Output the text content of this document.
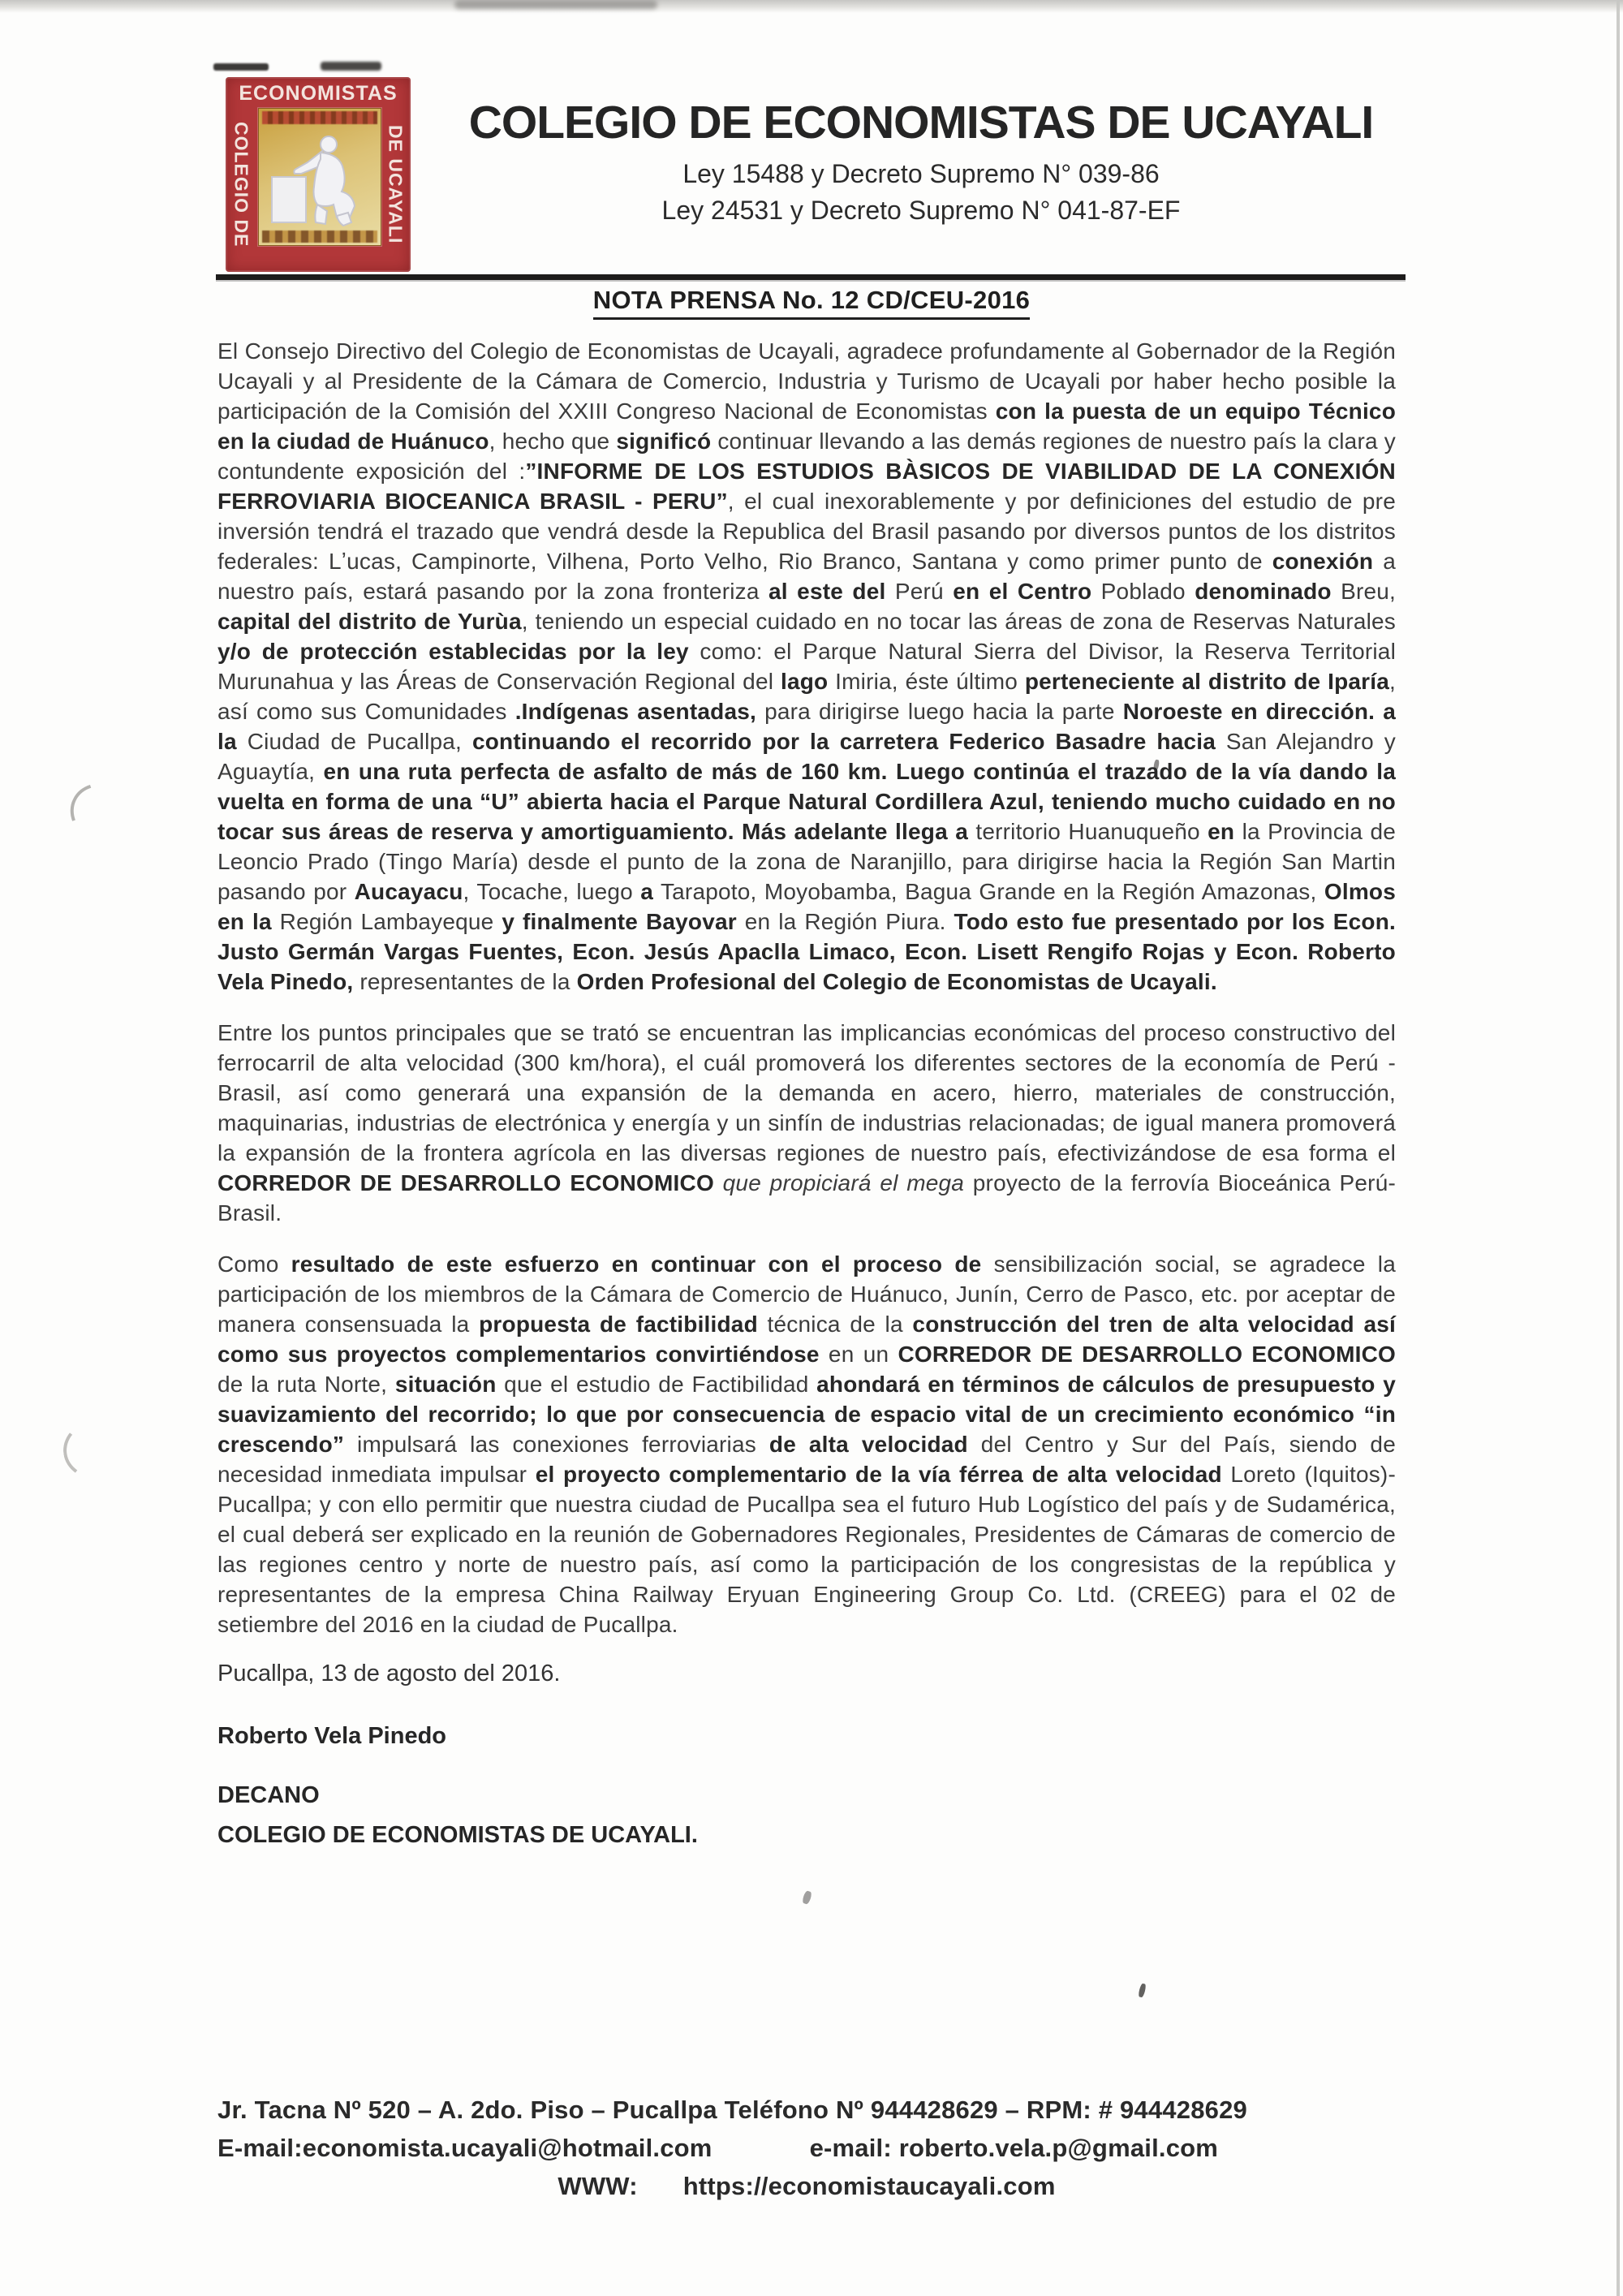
ECONOMISTAS
COLEGIO DE	DE UCAYALI
COLEGIO DE ECONOMISTAS DE UCAYALI
Ley 15488 y Decreto Supremo N° 039-86
Ley 24531 y Decreto Supremo N° 041-87-EF
NOTA PRENSA No. 12 CD/CEU-2016

El Consejo Directivo del Colegio de Economistas de Ucayali, agradece profundamente al Gobernador de la Región Ucayali y al Presidente de la Cámara de Comercio, Industria y Turismo de Ucayali por haber hecho posible la participación de la Comisión del XXIII Congreso Nacional de Economistas con la puesta de un equipo Técnico en la ciudad de Huánuco, hecho que significó continuar llevando a las demás regiones de nuestro país la clara y contundente exposición del :”INFORME DE LOS ESTUDIOS BÀSICOS DE VIABILIDAD DE LA CONEXIÓN FERROVIARIA BIOCEANICA BRASIL - PERU”, el cual inexorablemente y por definiciones del estudio de pre inversión tendrá el trazado que vendrá desde la Republica del Brasil pasando por diversos puntos de los distritos federales: Lʼucas, Campinorte, Vilhena, Porto Velho, Rio Branco, Santana y como primer punto de conexión a nuestro país, estará pasando por la zona fronteriza al este del Perú en el Centro Poblado denominado Breu, capital del distrito de Yurùa, teniendo un especial cuidado en no tocar las áreas de zona de Reservas Naturales y/o de protección establecidas por la ley como: el Parque Natural Sierra del Divisor, la Reserva Territorial Murunahua y las Áreas de Conservación Regional del lago Imiria, éste último perteneciente al distrito de Iparía, así como sus Comunidades .Indígenas asentadas, para dirigirse luego hacia la parte Noroeste en dirección. a la Ciudad de Pucallpa, continuando el recorrido por la carretera Federico Basadre hacia San Alejandro y Aguaytía, en una ruta perfecta de asfalto de más de 160 km. Luego continúa el trazado de la vía dando la vuelta en forma de una “U” abierta hacia el Parque Natural Cordillera Azul, teniendo mucho cuidado en no tocar sus áreas de reserva y amortiguamiento. Más adelante llega a territorio Huanuqueño en la Provincia de Leoncio Prado (Tingo María) desde el punto de la zona de Naranjillo, para dirigirse hacia la Región San Martin pasando por Aucayacu, Tocache, luego a Tarapoto, Moyobamba, Bagua Grande en la Región Amazonas, Olmos en la Región Lambayeque y finalmente Bayovar en la Región Piura. Todo esto fue presentado por los Econ. Justo Germán Vargas Fuentes, Econ. Jesús Apaclla Limaco, Econ. Lisett Rengifo Rojas y Econ. Roberto Vela Pinedo, representantes de la Orden Profesional del Colegio de Economistas de Ucayali.

Entre los puntos principales que se trató se encuentran las implicancias económicas del proceso constructivo del ferrocarril de alta velocidad (300 km/hora), el cuál promoverá los diferentes sectores de la economía de Perú - Brasil, así como generará una expansión de la demanda en acero, hierro, materiales de construcción, maquinarias, industrias de electrónica y energía y un sinfín de industrias relacionadas; de igual manera promoverá la expansión de la frontera agrícola en las diversas regiones de nuestro país, efectivizándose de esa forma el CORREDOR DE DESARROLLO ECONOMICO que propiciará el mega proyecto de la ferrovía Bioceánica Perú-Brasil.

Como resultado de este esfuerzo en continuar con el proceso de sensibilización social, se agradece la participación de los miembros de la Cámara de Comercio de Huánuco, Junín, Cerro de Pasco, etc. por aceptar de manera consensuada la propuesta de factibilidad técnica de la construcción del tren de alta velocidad así como sus proyectos complementarios convirtiéndose en un CORREDOR DE DESARROLLO ECONOMICO de la ruta Norte, situación que el estudio de Factibilidad ahondará en términos de cálculos de presupuesto y suavizamiento del recorrido; lo que por consecuencia de espacio vital de un crecimiento económico “in crescendo” impulsará las conexiones ferroviarias de alta velocidad del Centro y Sur del País, siendo de necesidad inmediata impulsar el proyecto complementario de la vía férrea de alta velocidad Loreto (Iquitos)-Pucallpa; y con ello permitir que nuestra ciudad de Pucallpa sea el futuro Hub Logístico del país y de Sudamérica, el cual deberá ser explicado en la reunión de Gobernadores Regionales, Presidentes de Cámaras de comercio de las regiones centro y norte de nuestro país, así como la participación de los congresistas de la república y representantes de la empresa China Railway Eryuan Engineering Group Co. Ltd. (CREEG) para el 02 de setiembre del 2016 en la ciudad de Pucallpa.

Pucallpa, 13 de agosto del 2016.

Roberto Vela Pinedo

DECANO
COLEGIO DE ECONOMISTAS DE UCAYALI.
Jr. Tacna Nº 520 – A. 2do. Piso – Pucallpa Teléfono Nº 944428629 – RPM: # 944428629
E-mail:economista.ucayali@hotmail.com	e-mail: roberto.vela.p@gmail.com
WWW: https://economistaucayali.com
